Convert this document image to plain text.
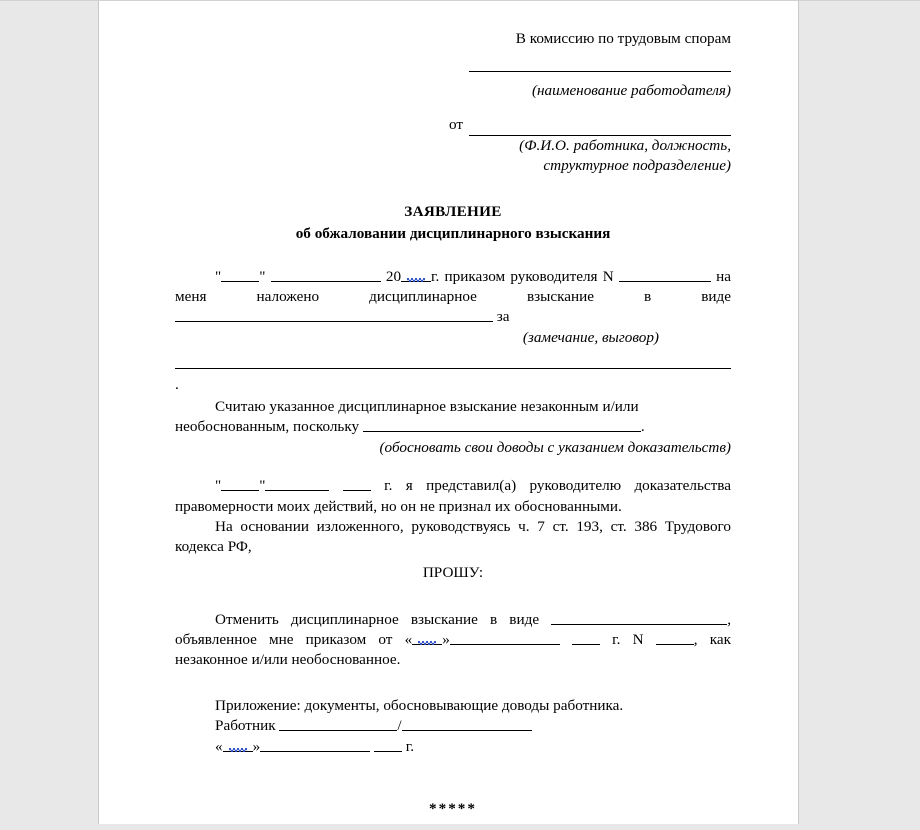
В комиссию по трудовым спорам
(наименование работодателя)
от
(Ф.И.О. работника, должность,
структурное подразделение)
ЗАЯВЛЕНИЕ
об обжаловании дисциплинарного взыскания

"	"	20 г. приказом руководителя N	на меня	наложено дисциплинарное взыскание в виде  за

(замечание, выговор)

.

Считаю указанное дисциплинарное взыскание незаконным и/или
необоснованным, поскольку	.

(обосновать свои доводы с указанием доказательств)

"	"	г. я представил(а) руководителю доказательства правомерности моих действий, но он не признал их обоснованными.

На основании изложенного, руководствуясь ч. 7 ст. 193, ст. 386 Трудового кодекса РФ,

ПРОШУ:

Отменить дисциплинарное взыскание в виде	, объявленное мне приказом от « »	г. N	, как незаконное и/или необоснованное.

Приложение: документы, обосновывающие доводы работника.

Работник	/

« »	г.

*****
